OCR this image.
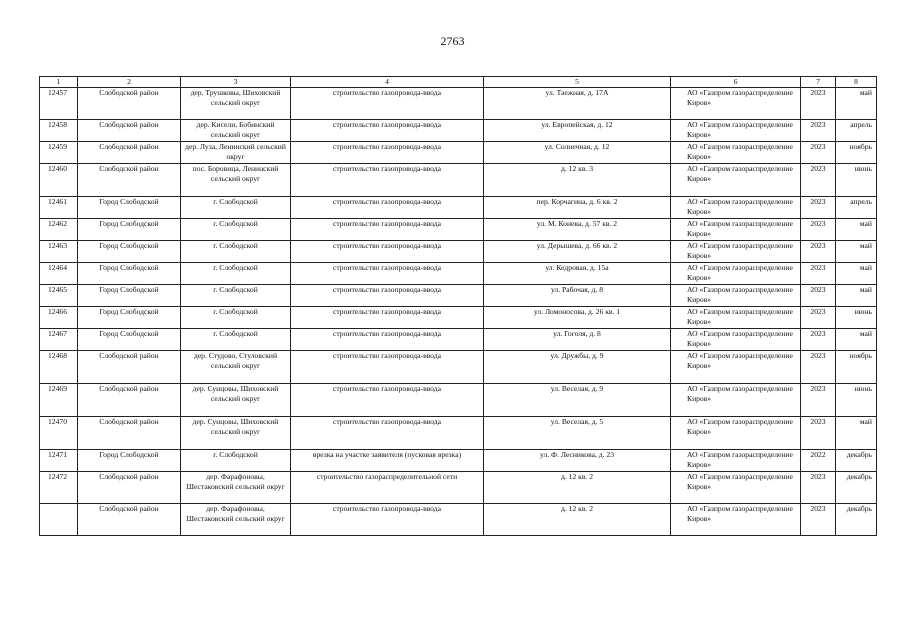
2763
1	2	3	4	5	6	7	8
12457	Слободской район	дер. Трушковы, Шиховский сельский округ	строительство газопровода-ввода	ул. Таежная, д. 17А	АО «Газпром газораспределение Киров»	2023	май
12458	Слободской район	дер. Кисели, Бобинский сельский округ	строительство газопровода-ввода	ул. Европейская, д. 12	АО «Газпром газораспределение Киров»	2023	апрель
12459	Слободской район	дер. Луза, Ленинский сельский округ	строительство газопровода-ввода	ул. Солнечная, д. 12	АО «Газпром газораспределение Киров»	2023	ноябрь
12460	Слободской район	пос. Боровица, Ленинский сельский округ	строительство газопровода-ввода	д. 12 кв. 3	АО «Газпром газораспределение Киров»	2023	июнь
12461	Город Слободской	г. Слободской	строительство газопровода-ввода	пер. Корчагина, д. 6 кв. 2	АО «Газпром газораспределение Киров»	2023	апрель
12462	Город Слободской	г. Слободской	строительство газопровода-ввода	ул. М. Конева, д. 57 кв. 2	АО «Газпром газораспределение Киров»	2023	май
12463	Город Слободской	г. Слободской	строительство газопровода-ввода	ул. Дерышева, д. 66 кв. 2	АО «Газпром газораспределение Киров»	2023	май
12464	Город Слободской	г. Слободской	строительство газопровода-ввода	ул. Кедровая, д. 15а	АО «Газпром газораспределение Киров»	2023	май
12465	Город Слободской	г. Слободской	строительство газопровода-ввода	ул. Рабочая, д. 8	АО «Газпром газораспределение Киров»	2023	май
12466	Город Слободской	г. Слободской	строительство газопровода-ввода	ул. Ломоносова, д. 26 кв. 1	АО «Газпром газораспределение Киров»	2023	июнь
12467	Город Слободской	г. Слободской	строительство газопровода-ввода	ул. Гоголя, д. 8	АО «Газпром газораспределение Киров»	2023	май
12468	Слободской район	дер. Студово, Стуловский сельский округ	строительство газопровода-ввода	ул. Дружбы, д. 9	АО «Газпром газораспределение Киров»	2023	ноябрь
12469	Слободской район	дер. Сунцовы, Шиховский сельский округ	строительство газопровода-ввода	ул. Веселая, д. 9	АО «Газпром газораспределение Киров»	2023	июнь
12470	Слободской район	дер. Сунцовы, Шиховский сельский округ	строительство газопровода-ввода	ул. Веселая, д. 5	АО «Газпром газораспределение Киров»	2023	май
12471	Город Слободской	г. Слободской	врезка на участке заявителя (пусковая врезка)	ул. Ф. Лесникова, д. 23	АО «Газпром газораспределение Киров»	2022	декабрь
12472	Слободской район	дер. Фарафоновы, Шестаковский сельский округ	строительство газораспределительной сети	д. 12 кв. 2	АО «Газпром газораспределение Киров»	2023	декабрь
	Слободской район	дер. Фарафоновы, Шестаковский сельский округ	строительство газопровода-ввода	д. 12 кв. 2	АО «Газпром газораспределение Киров»	2023	декабрь
